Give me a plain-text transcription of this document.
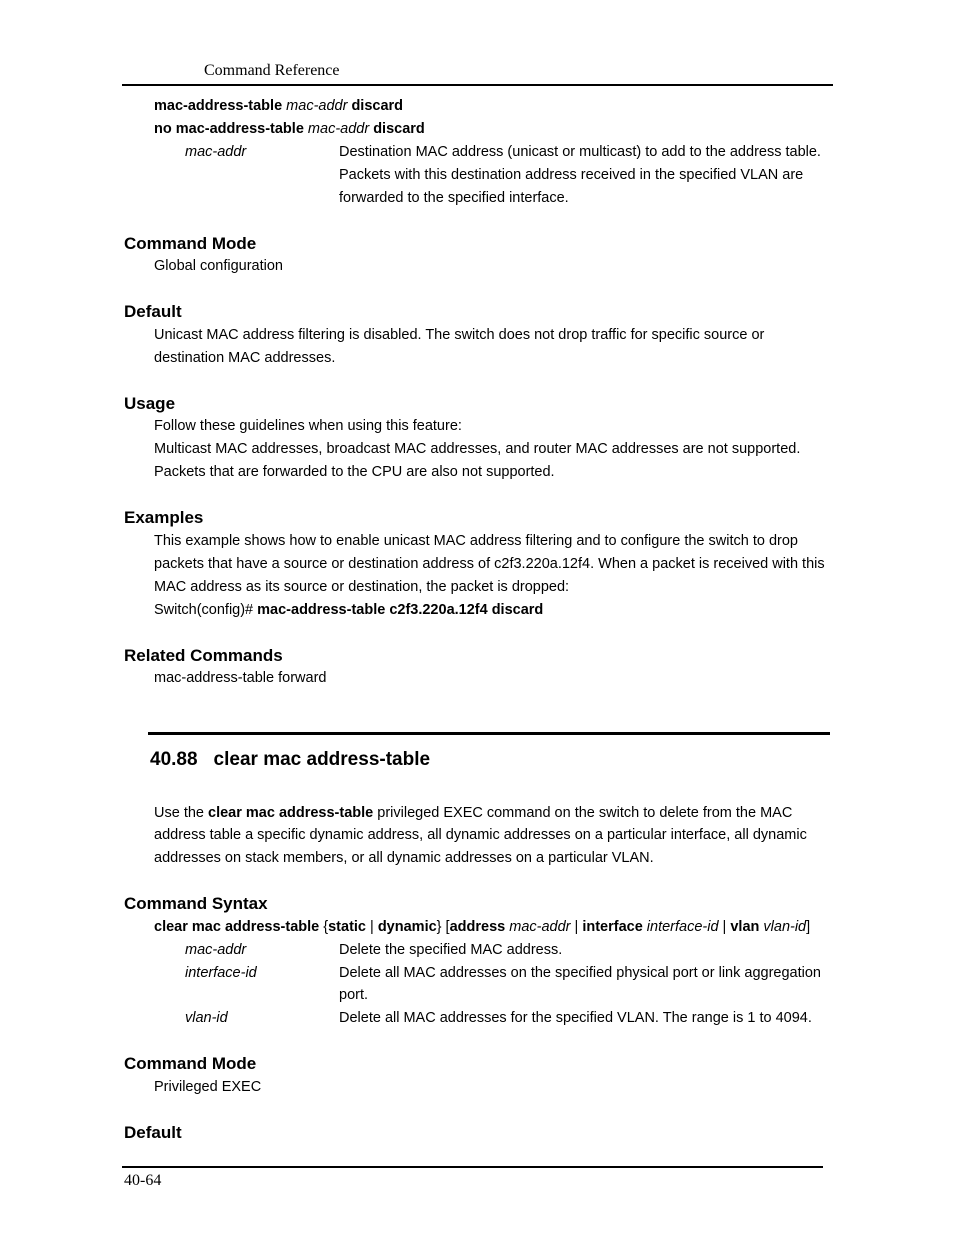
Command Reference
mac-address-table mac-addr discard
no mac-address-table mac-addr discard
mac-addr	Destination MAC address (unicast or multicast) to add to the address table.
Packets with this destination address received in the specified VLAN are
forwarded to the specified interface.
Command Mode
Global configuration
Default
Unicast MAC address filtering is disabled. The switch does not drop traffic for specific source or
destination MAC addresses.
Usage
Follow these guidelines when using this feature:
Multicast MAC addresses, broadcast MAC addresses, and router MAC addresses are not supported.
Packets that are forwarded to the CPU are also not supported.
Examples
This example shows how to enable unicast MAC address filtering and to configure the switch to drop
packets that have a source or destination address of c2f3.220a.12f4. When a packet is received with this
MAC address as its source or destination, the packet is dropped:
Switch(config)# mac-address-table c2f3.220a.12f4 discard
Related Commands
mac-address-table forward
40.88 clear mac address-table
Use the clear mac address-table privileged EXEC command on the switch to delete from the MAC
address table a specific dynamic address, all dynamic addresses on a particular interface, all dynamic
addresses on stack members, or all dynamic addresses on a particular VLAN.
Command Syntax
clear mac address-table {static | dynamic} [address mac-addr | interface interface-id | vlan vlan-id]
mac-addr	Delete the specified MAC address.
interface-id	Delete all MAC addresses on the specified physical port or link aggregation
port.
vlan-id	Delete all MAC addresses for the specified VLAN. The range is 1 to 4094.
Command Mode
Privileged EXEC
Default
40-64
